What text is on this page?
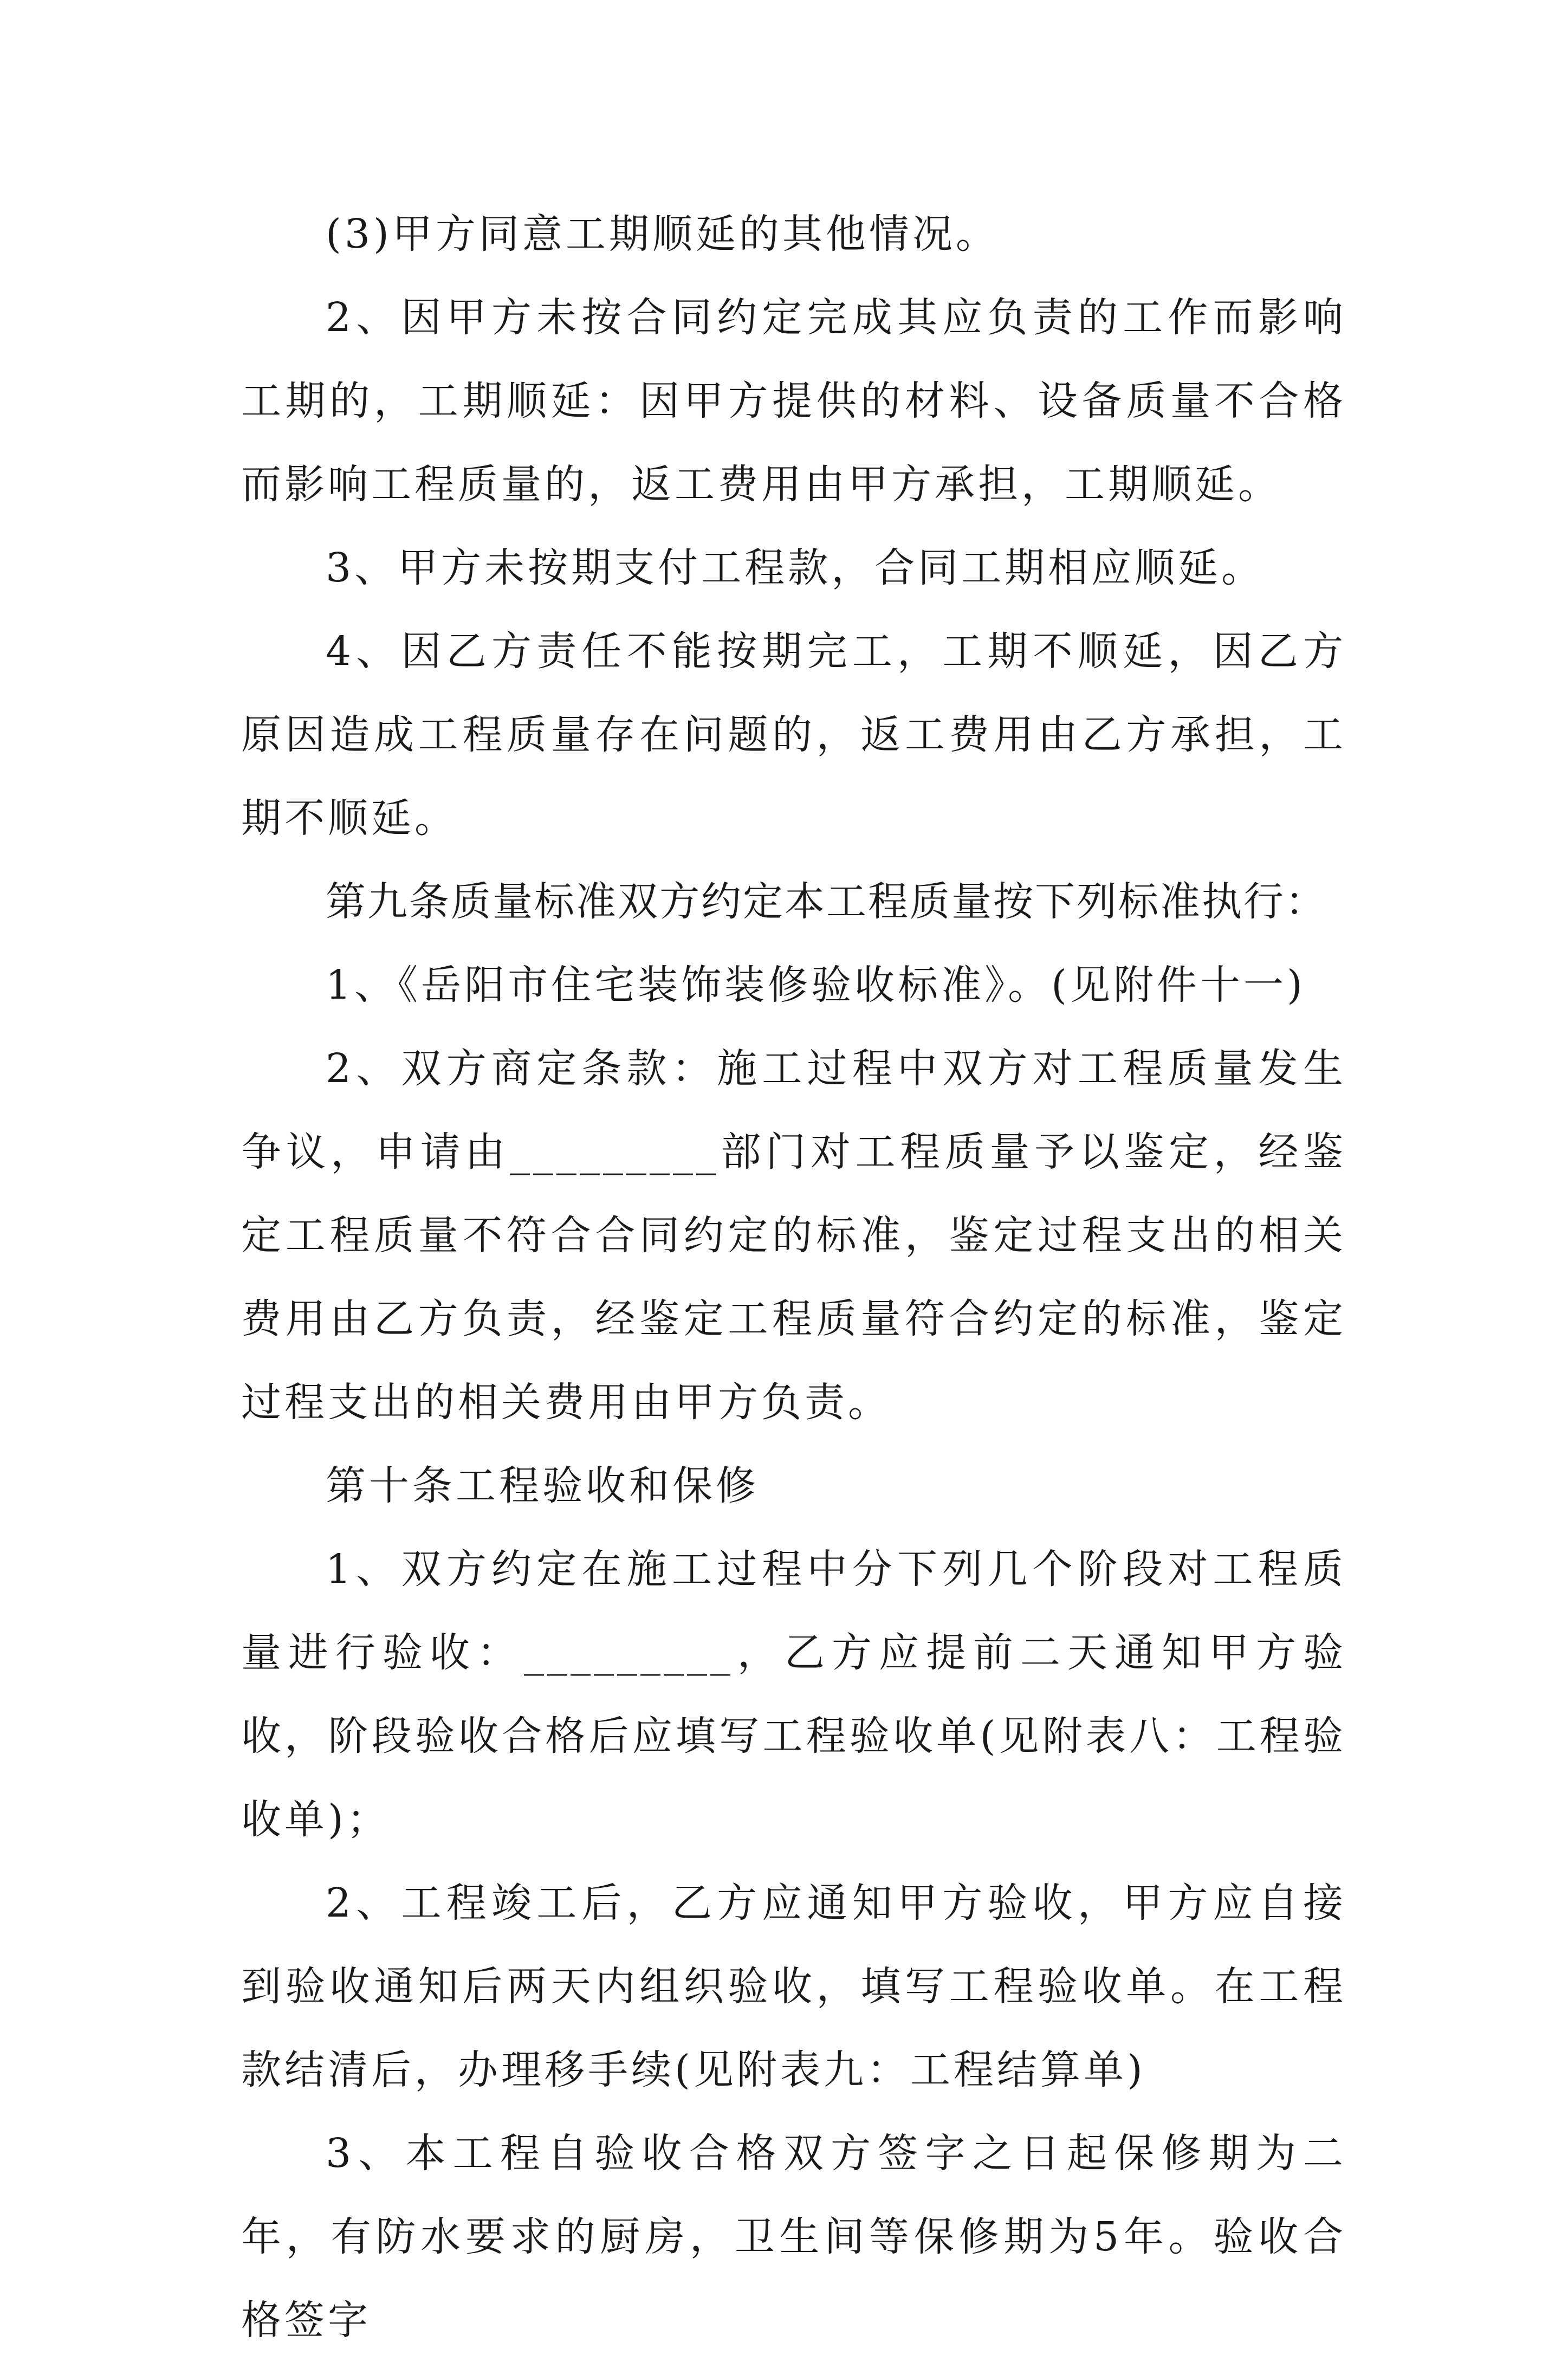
(3)甲方同意工期顺延的其他情况。

2、因甲方未按合同约定完成其应负责的工作而影响工期的，工期顺延：因甲方提供的材料、设备质量不合格而影响工程质量的，返工费用由甲方承担，工期顺延。

3、甲方未按期支付工程款，合同工期相应顺延。

4、因乙方责任不能按期完工，工期不顺延，因乙方原因造成工程质量存在问题的，返工费用由乙方承担，工期不顺延。

第九条质量标准双方约定本工程质量按下列标准执行：

1、《岳阳市住宅装饰装修验收标准》。(见附件十一)

2、双方商定条款：施工过程中双方对工程质量发生争议，申请由_________部门对工程质量予以鉴定，经鉴定工程质量不符合合同约定的标准，鉴定过程支出的相关费用由乙方负责，经鉴定工程质量符合约定的标准，鉴定过程支出的相关费用由甲方负责。

第十条工程验收和保修

1、双方约定在施工过程中分下列几个阶段对工程质量进行验收：_________，乙方应提前二天通知甲方验收，阶段验收合格后应填写工程验收单(见附表八：工程验收单)；

2、工程竣工后，乙方应通知甲方验收，甲方应自接到验收通知后两天内组织验收，填写工程验收单。在工程款结清后，办理移手续(见附表九：工程结算单)

3、本工程自验收合格双方签字之日起保修期为二年，有防水要求的厨房，卫生间等保修期为5年。验收合格签字
